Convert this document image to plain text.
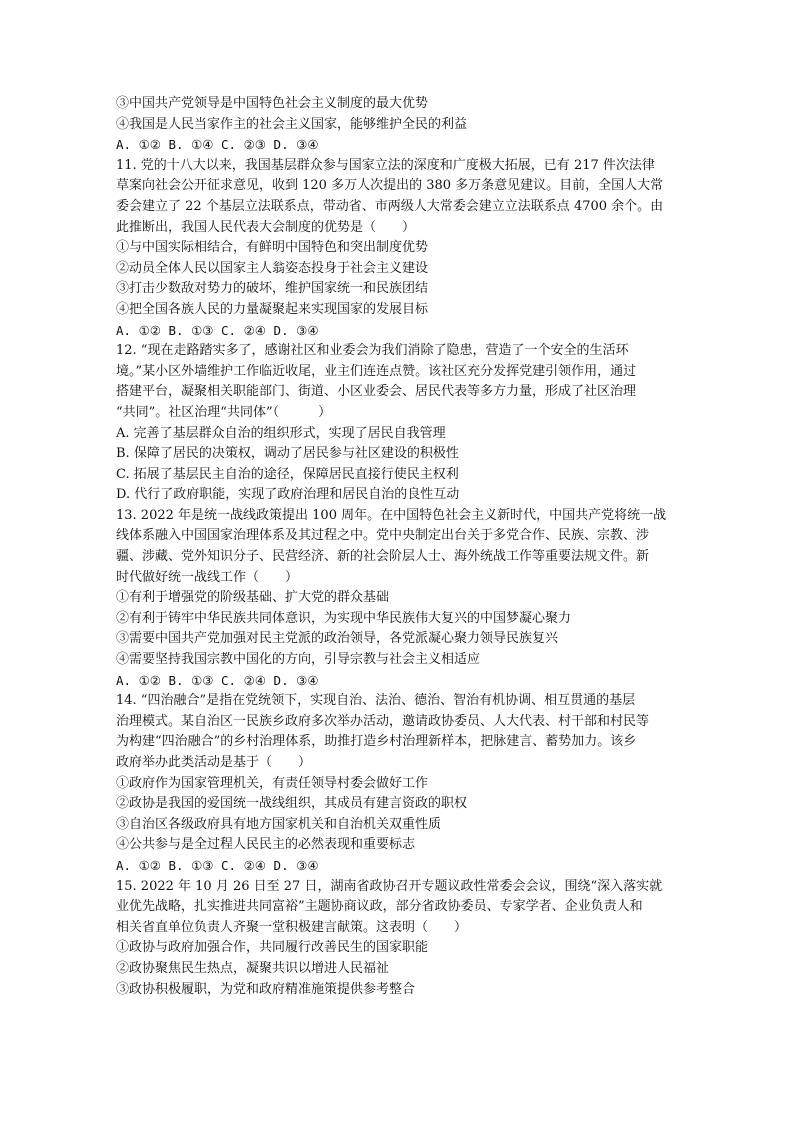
③中国共产党领导是中国特色社会主义制度的最大优势
④我国是人民当家作主的社会主义国家，能够维护全民的利益
A. ①② B. ①④ C. ②③ D. ③④
11. 党的十八大以来，我国基层群众参与国家立法的深度和广度极大拓展，已有 217 件次法律
草案向社会公开征求意见，收到 120 多万人次提出的 380 多万条意见建议。目前，全国人大常
委会建立了 22 个基层立法联系点，带动省、市两级人大常委会建立立法联系点 4700 余个。由
此推断出，我国人民代表大会制度的优势是（　　）
①与中国实际相结合，有鲜明中国特色和突出制度优势
②动员全体人民以国家主人翁姿态投身于社会主义建设
③打击少数敌对势力的破坏，维护国家统一和民族团结
④把全国各族人民的力量凝聚起来实现国家的发展目标
A. ①② B. ①③ C. ②④ D. ③④
12. “现在走路踏实多了，感谢社区和业委会为我们消除了隐患，营造了一个安全的生活环
境。”某小区外墙维护工作临近收尾，业主们连连点赞。该社区充分发挥党建引领作用，通过
搭建平台，凝聚相关职能部门、街道、小区业委会、居民代表等多方力量，形成了社区治理
“共同”。社区治理“共同体”（　　　）
A. 完善了基层群众自治的组织形式，实现了居民自我管理
B. 保障了居民的决策权，调动了居民参与社区建设的积极性
C. 拓展了基层民主自治的途径，保障居民直接行使民主权利
D. 代行了政府职能，实现了政府治理和居民自治的良性互动
13. 2022 年是统一战线政策提出 100 周年。在中国特色社会主义新时代，中国共产党将统一战
线体系融入中国国家治理体系及其过程之中。党中央制定出台关于多党合作、民族、宗教、涉
疆、涉藏、党外知识分子、民营经济、新的社会阶层人士、海外统战工作等重要法规文件。新
时代做好统一战线工作（　　）
①有利于增强党的阶级基础、扩大党的群众基础
②有利于铸牢中华民族共同体意识，为实现中华民族伟大复兴的中国梦凝心聚力
③需要中国共产党加强对民主党派的政治领导，各党派凝心聚力领导民族复兴
④需要坚持我国宗教中国化的方向，引导宗教与社会主义相适应
A. ①② B. ①③ C. ②④ D. ③④
14. “四治融合”是指在党统领下，实现自治、法治、德治、智治有机协调、相互贯通的基层
治理模式。某自治区一民族乡政府多次举办活动，邀请政协委员、人大代表、村干部和村民等
为构建“四治融合”的乡村治理体系，助推打造乡村治理新样本，把脉建言、蓄势加力。该乡
政府举办此类活动是基于（　　）
①政府作为国家管理机关，有责任领导村委会做好工作
②政协是我国的爱国统一战线组织，其成员有建言资政的职权
③自治区各级政府具有地方国家机关和自治机关双重性质
④公共参与是全过程人民民主的必然表现和重要标志
A. ①② B. ①③ C. ②④ D. ③④
15. 2022 年 10 月 26 日至 27 日，湖南省政协召开专题议政性常委会会议，围绕“深入落实就
业优先战略，扎实推进共同富裕”主题协商议政，部分省政协委员、专家学者、企业负责人和
相关省直单位负责人齐聚一堂积极建言献策。这表明（　　）
①政协与政府加强合作，共同履行改善民生的国家职能
②政协聚焦民生热点，凝聚共识以增进人民福祉
③政协积极履职，为党和政府精准施策提供参考整合
